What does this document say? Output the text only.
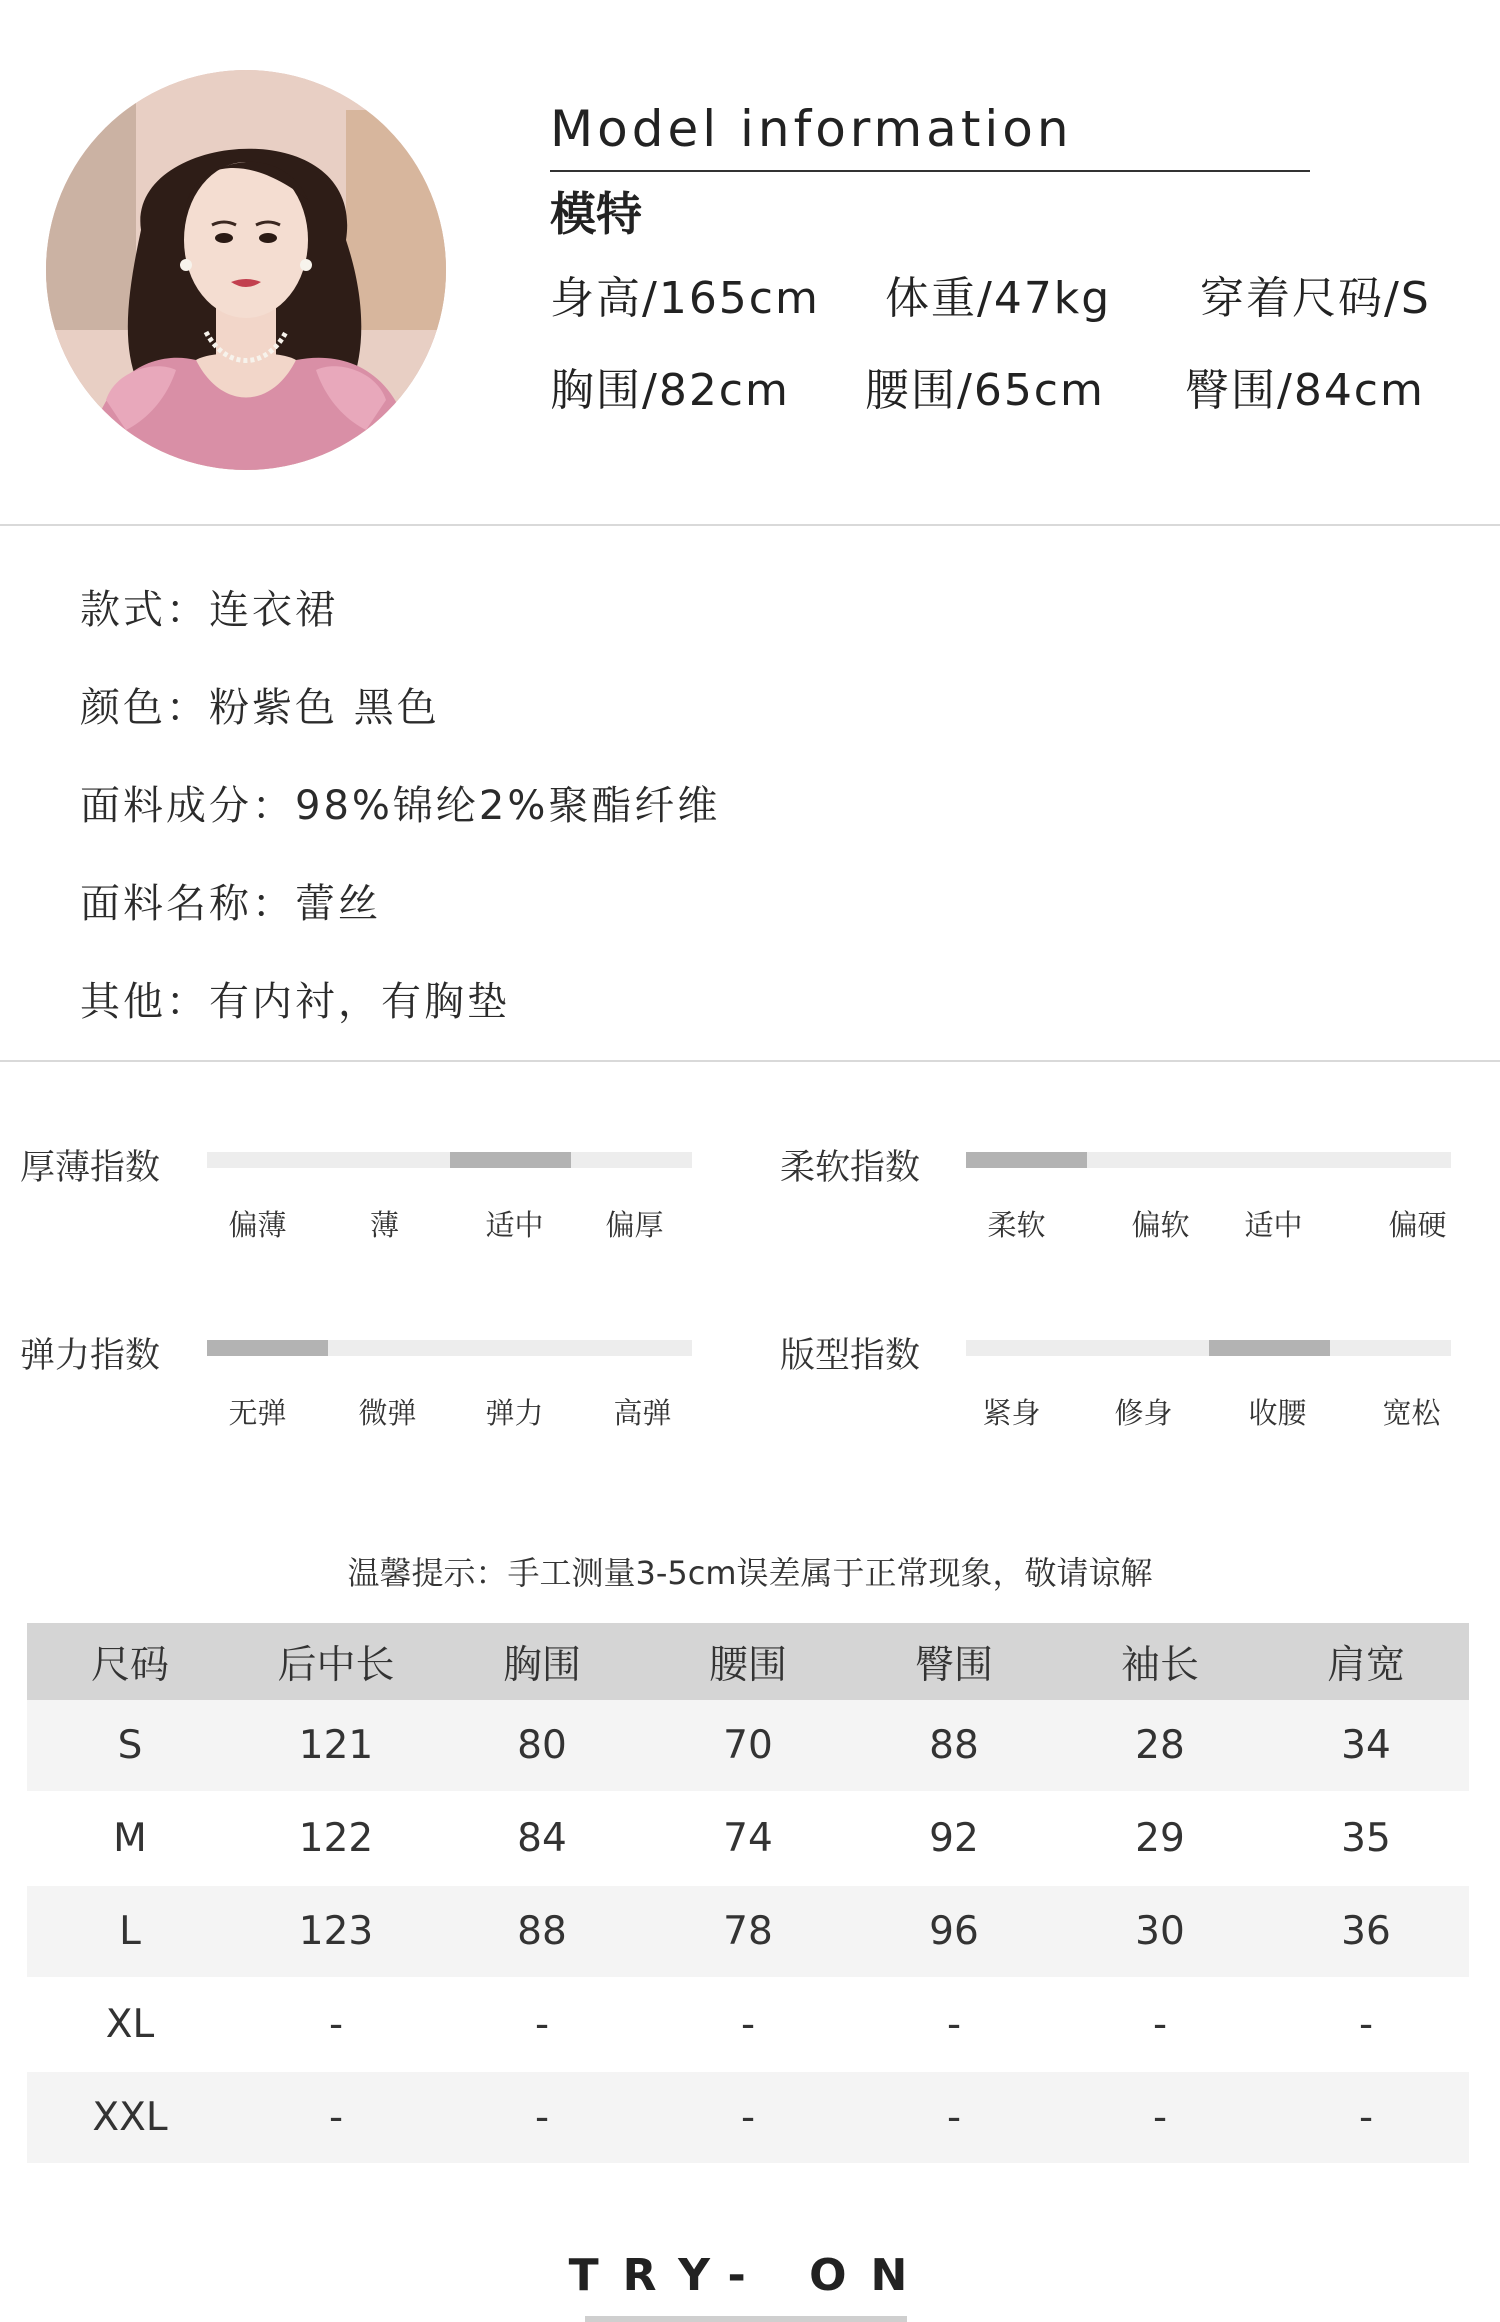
Model information
模特
身高/165cm 体重/47kg 穿着尺码/S
胸围/82cm 腰围/65cm 臀围/84cm
款式：连衣裙
颜色：粉紫色 黑色
面料成分：98%锦纶2%聚酯纤维
面料名称：蕾丝
其他：有内衬，有胸垫
厚薄指数
偏薄	薄	适中	偏厚
柔软指数
柔软	偏软	适中	偏硬
弹力指数
无弹	微弹	弹力	高弹
版型指数
紧身	修身	收腰	宽松
温馨提示：手工测量3-5cm误差属于正常现象，敬请谅解
尺码	后中长	胸围	腰围	臀围	袖长	肩宽
S	121	80	70	88	28	34
M	122	84	74	92	29	35
L	123	88	78	96	30	36
XL	-	-	-	-	-	-
XXL	-	-	-	-	-	-
TRY- ON
